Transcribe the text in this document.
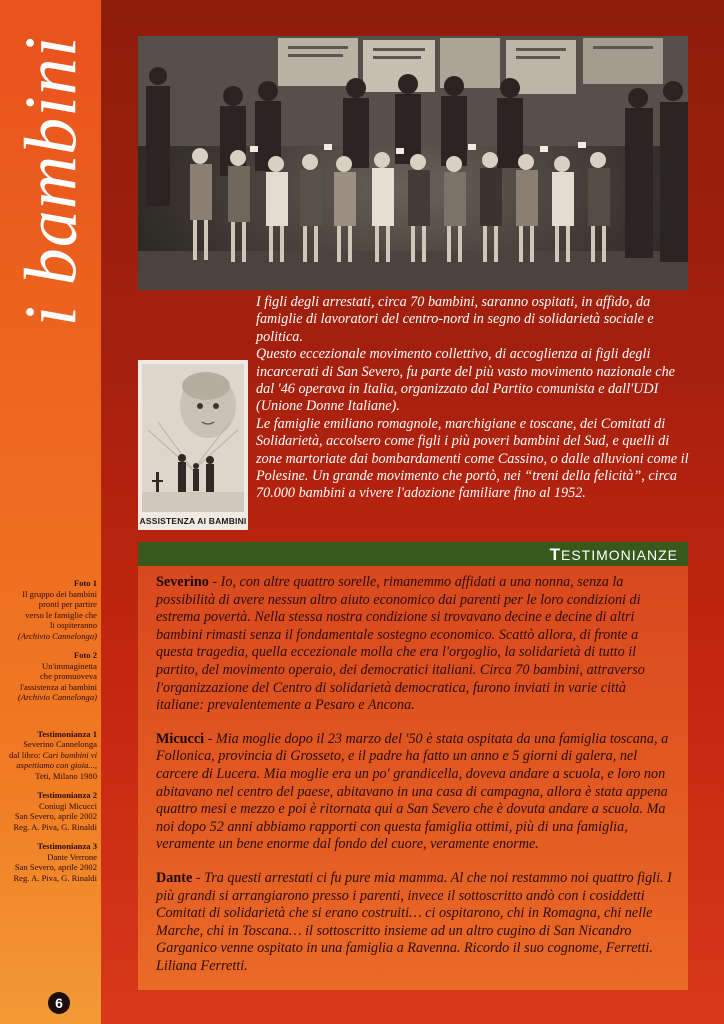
i bambini
Foto 1
Il gruppo dei bambini
pronti per partire
verso le famiglie che
li ospiteranno
(Archivio Cannelonga)
Foto 2
Un'immaginetta
che promuoveva
l'assistenza ai bambini
(Archivio Cannelonga)
Testimonianza 1
Severino Cannelonga
dal libro: Cari bambini vi aspettiamo con gioia...,
Teti, Milano 1980
Testimonianza 2
Coniugi Micucci
San Severo, aprile 2002
Reg. A. Piva, G. Rinaldi
Testimonianza 3
Dante Verrone
San Severo, aprile 2002
Reg. A. Piva, G. Rinaldi
6
ASSISTENZA AI BAMBINI

I figli degli arrestati, circa 70 bambini, saranno ospitati, in affido, da famiglie di lavoratori del centro-nord in segno di solidarietà sociale e politica.

Questo eccezionale movimento collettivo, di accoglienza ai figli degli incarcerati di San Severo, fu parte del più vasto movimento nazionale che dal '46 operava in Italia, organizzato dal Partito comunista e dall'UDI (Unione Donne Italiane).

Le famiglie emiliano romagnole, marchigiane e toscane, dei Comitati di Solidarietà, accolsero come figli i più poveri bambini del Sud, e quelli di zone martoriate dai bombardamenti come Cassino, o dalle alluvioni come il Polesine. Un grande movimento che portò, nei “treni della felicità”, circa 70.000 bambini a vivere l'adozione familiare fino al 1952.

TESTIMONIANZE

Severino - Io, con altre quattro sorelle, rimanemmo affidati a una nonna, senza la possibilità di avere nessun altro aiuto economico dai parenti per le loro condizioni di estrema povertà. Nella stessa nostra condizione si trovavano decine e decine di altri bambini rimasti senza il fondamentale sostegno economico. Scattò allora, di fronte a questa tragedia, quella eccezionale molla che era l'orgoglio, la solidarietà di tutto il partito, del movimento operaio, dei democratici italiani. Circa 70 bambini, attraverso l'organizzazione del Centro di solidarietà democratica, furono inviati in varie città italiane: prevalentemente a Pesaro e Ancona.

Micucci - Mia moglie dopo il 23 marzo del '50 è stata ospitata da una famiglia toscana, a Follonica, provincia di Grosseto, e il padre ha fatto un anno e 5 giorni di galera, nel carcere di Lucera. Mia moglie era un po' grandicella, doveva andare a scuola, e loro non abitavano nel centro del paese, abitavano in una casa di campagna, allora è stata appena quattro mesi e mezzo e poi è ritornata qui a San Severo che è dovuta andare a scuola. Ma noi dopo 52 anni abbiamo rapporti con questa famiglia ottimi, più di una famiglia, veramente un bene enorme dal fondo del cuore, veramente enorme.

Dante - Tra questi arrestati ci fu pure mia mamma. Al che noi restammo noi quattro figli. I più grandi si arrangiarono presso i parenti, invece il sottoscritto andò con i cosiddetti Comitati di solidarietà che si erano costruiti… ci ospitarono, chi in Romagna, chi nelle Marche, chi in Toscana… il sottoscritto insieme ad un altro cugino di San Nicandro Garganico venne ospitato in una famiglia a Ravenna. Ricordo il suo cognome, Ferretti. Liliana Ferretti.
